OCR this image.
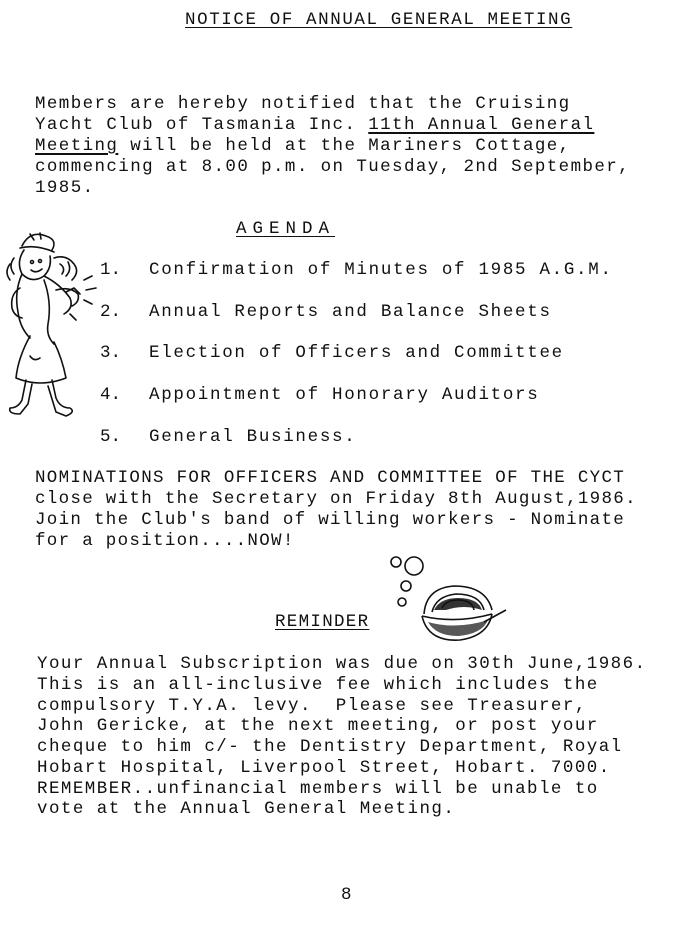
NOTICE OF ANNUAL GENERAL MEETING
Members are hereby notified that the Cruising
Yacht Club of Tasmania Inc. 11th Annual General
Meeting will be held at the Mariners Cottage,
commencing at 8.00 p.m. on Tuesday, 2nd September,
1985.
AGENDA
1. Confirmation of Minutes of 1985 A.G.M.
2. Annual Reports and Balance Sheets
3. Election of Officers and Committee
4. Appointment of Honorary Auditors
5. General Business.
NOMINATIONS FOR OFFICERS AND COMMITTEE OF THE CYCT
close with the Secretary on Friday 8th August,1986.
Join the Club's band of willing workers - Nominate
for a position....NOW!
REMINDER
Your Annual Subscription was due on 30th June,1986.
This is an all-inclusive fee which includes the
compulsory T.Y.A. levy.  Please see Treasurer,
John Gericke, at the next meeting, or post your
cheque to him c/- the Dentistry Department, Royal
Hobart Hospital, Liverpool Street, Hobart. 7000.
REMEMBER..unfinancial members will be unable to
vote at the Annual General Meeting.
8
